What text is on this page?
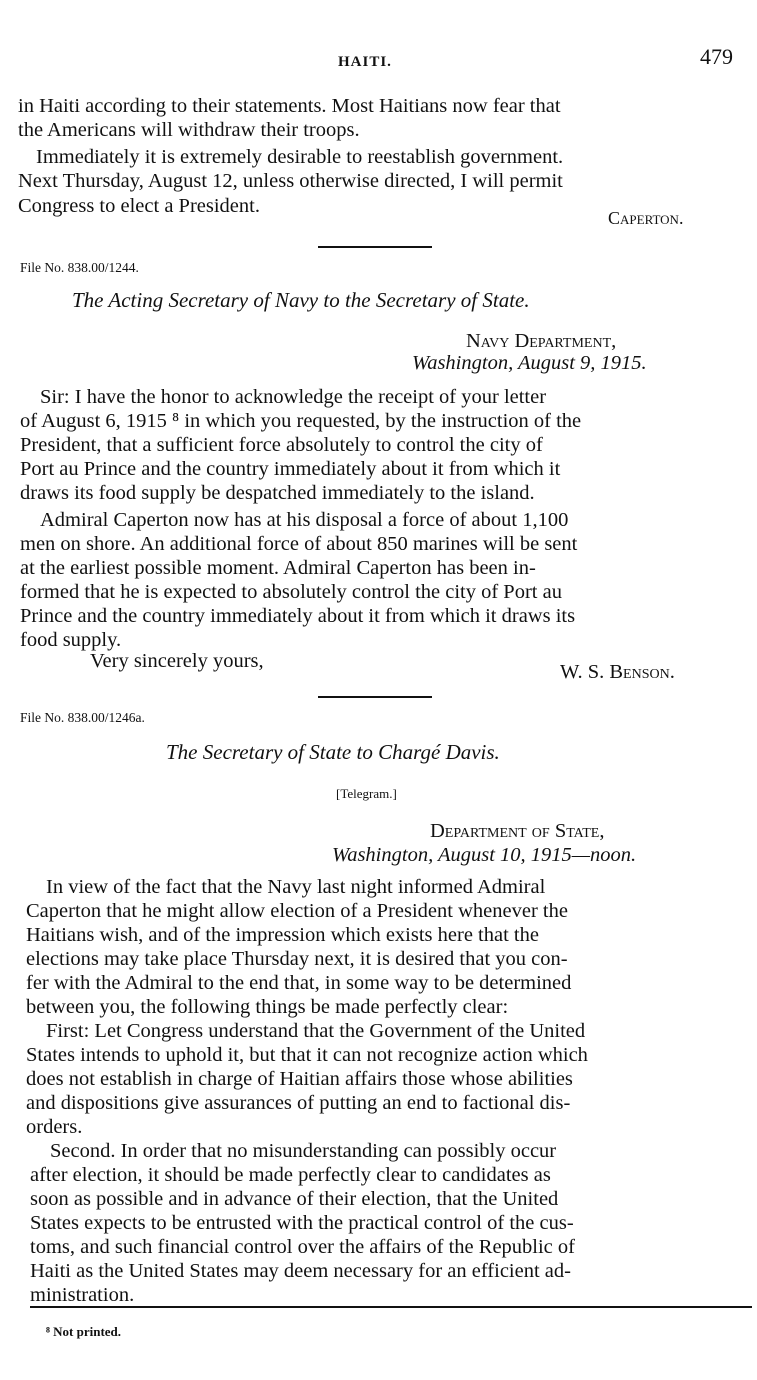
HAITI.	479
in Haiti according to their statements. Most Haitians now fear that
the Americans will withdraw their troops.
Immediately it is extremely desirable to reestablish government.
Next Thursday, August 12, unless otherwise directed, I will permit
Congress to elect a President.
Caperton.
File No. 838.00/1244.
The Acting Secretary of Navy to the Secretary of State.
Navy Department,
Washington, August 9, 1915.
Sir: I have the honor to acknowledge the receipt of your letter
of August 6, 1915 ⁸ in which you requested, by the instruction of the
President, that a sufficient force absolutely to control the city of
Port au Prince and the country immediately about it from which it
draws its food supply be despatched immediately to the island.
Admiral Caperton now has at his disposal a force of about 1,100
men on shore. An additional force of about 850 marines will be sent
at the earliest possible moment. Admiral Caperton has been in-
formed that he is expected to absolutely control the city of Port au
Prince and the country immediately about it from which it draws its
food supply.
Very sincerely yours,	W. S. Benson.
File No. 838.00/1246a.
The Secretary of State to Chargé Davis.
[Telegram.]
Department of State,
Washington, August 10, 1915—noon.
In view of the fact that the Navy last night informed Admiral
Caperton that he might allow election of a President whenever the
Haitians wish, and of the impression which exists here that the
elections may take place Thursday next, it is desired that you con-
fer with the Admiral to the end that, in some way to be determined
between you, the following things be made perfectly clear:
First: Let Congress understand that the Government of the United
States intends to uphold it, but that it can not recognize action which
does not establish in charge of Haitian affairs those whose abilities
and dispositions give assurances of putting an end to factional dis-
orders.
Second. In order that no misunderstanding can possibly occur
after election, it should be made perfectly clear to candidates as
soon as possible and in advance of their election, that the United
States expects to be entrusted with the practical control of the cus-
toms, and such financial control over the affairs of the Republic of
Haiti as the United States may deem necessary for an efficient ad-
ministration.
⁸ Not printed.
